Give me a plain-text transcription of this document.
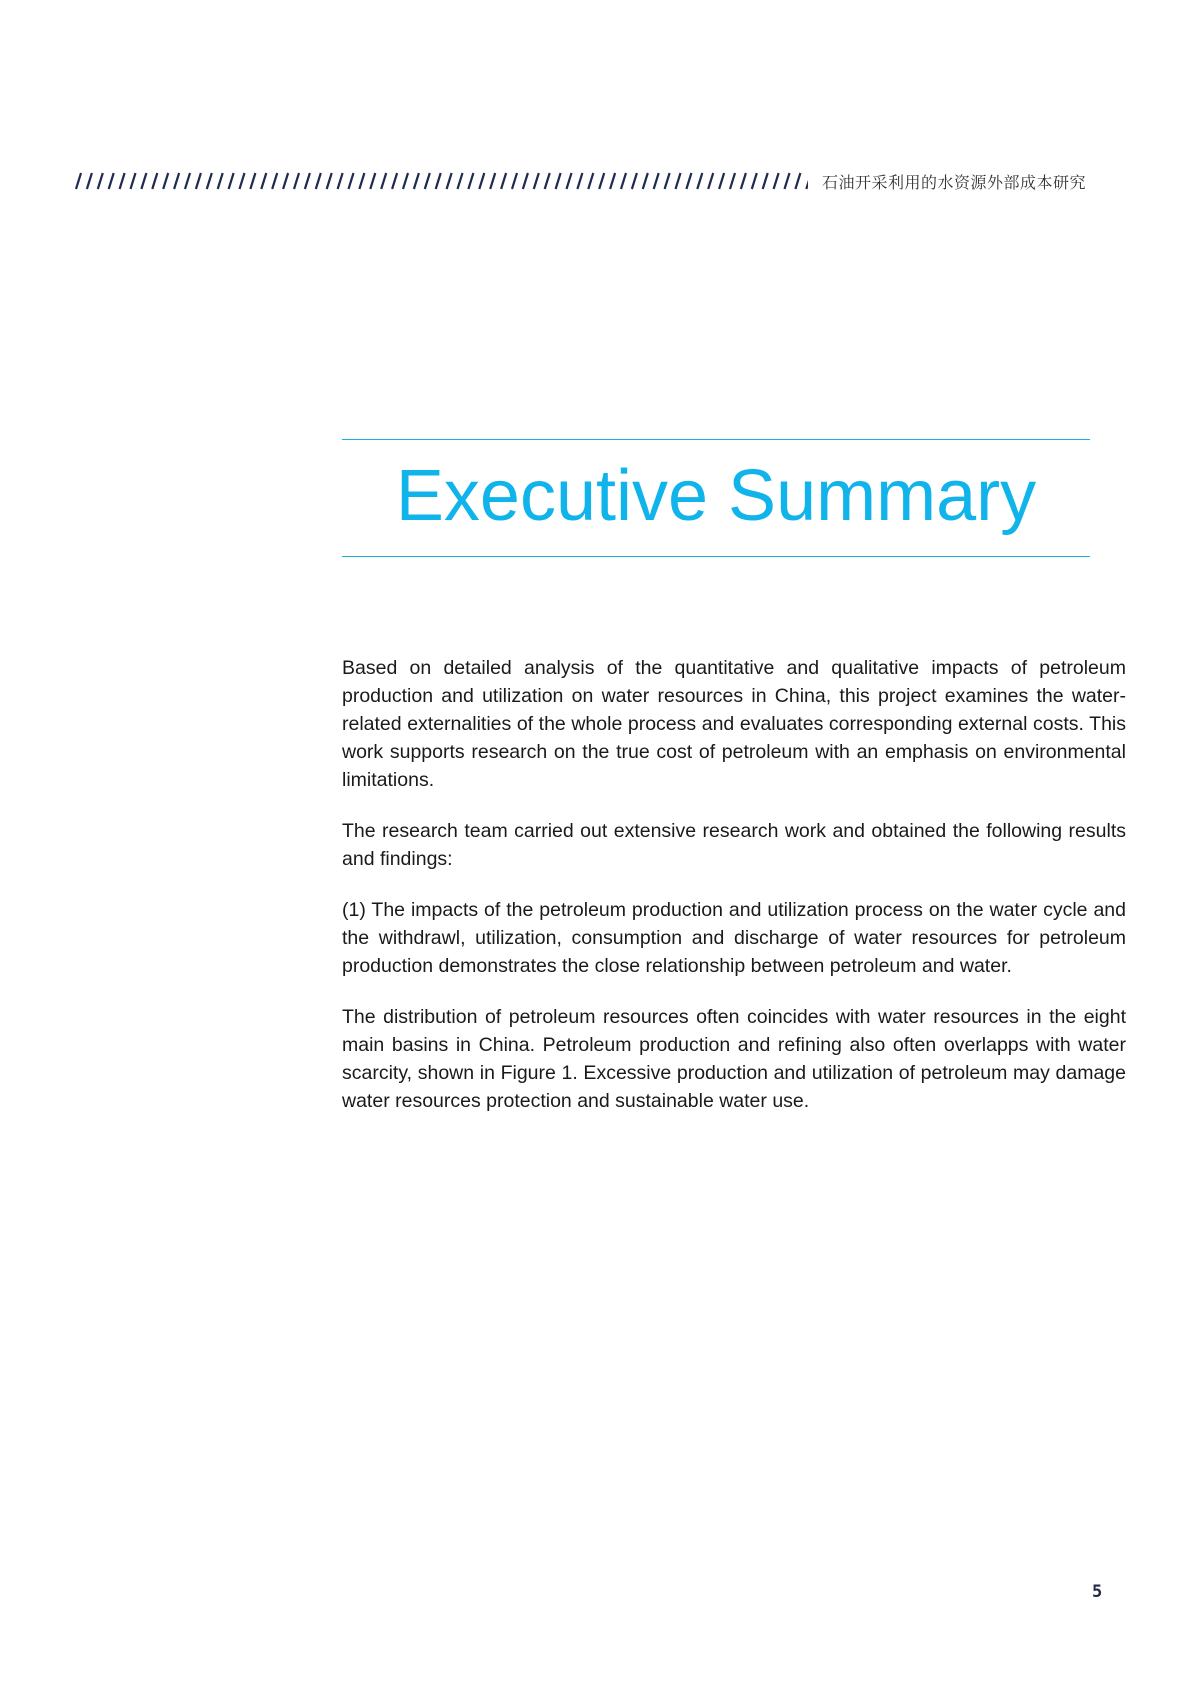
石油开采利用的水资源外部成本研究
Executive Summary

Based on detailed analysis of the quantitative and qualitative impacts of petroleum production and utilization on water resources in China, this project examines the water-related externalities of the whole process and evaluates corresponding external costs. This work supports research on the true cost of petroleum with an emphasis on environmental limitations.

The research team carried out extensive research work and obtained the following results and findings:

(1) The impacts of the petroleum production and utilization process on the water cycle and the withdrawl, utilization, consumption and discharge of water resources for petroleum production demonstrates the close relationship between petroleum and water.

The distribution of petroleum resources often coincides with water resources in the eight main basins in China. Petroleum production and refining also often overlapps with water scarcity, shown in Figure 1. Excessive production and utilization of petroleum may damage water resources protection and sustainable water use.

5
